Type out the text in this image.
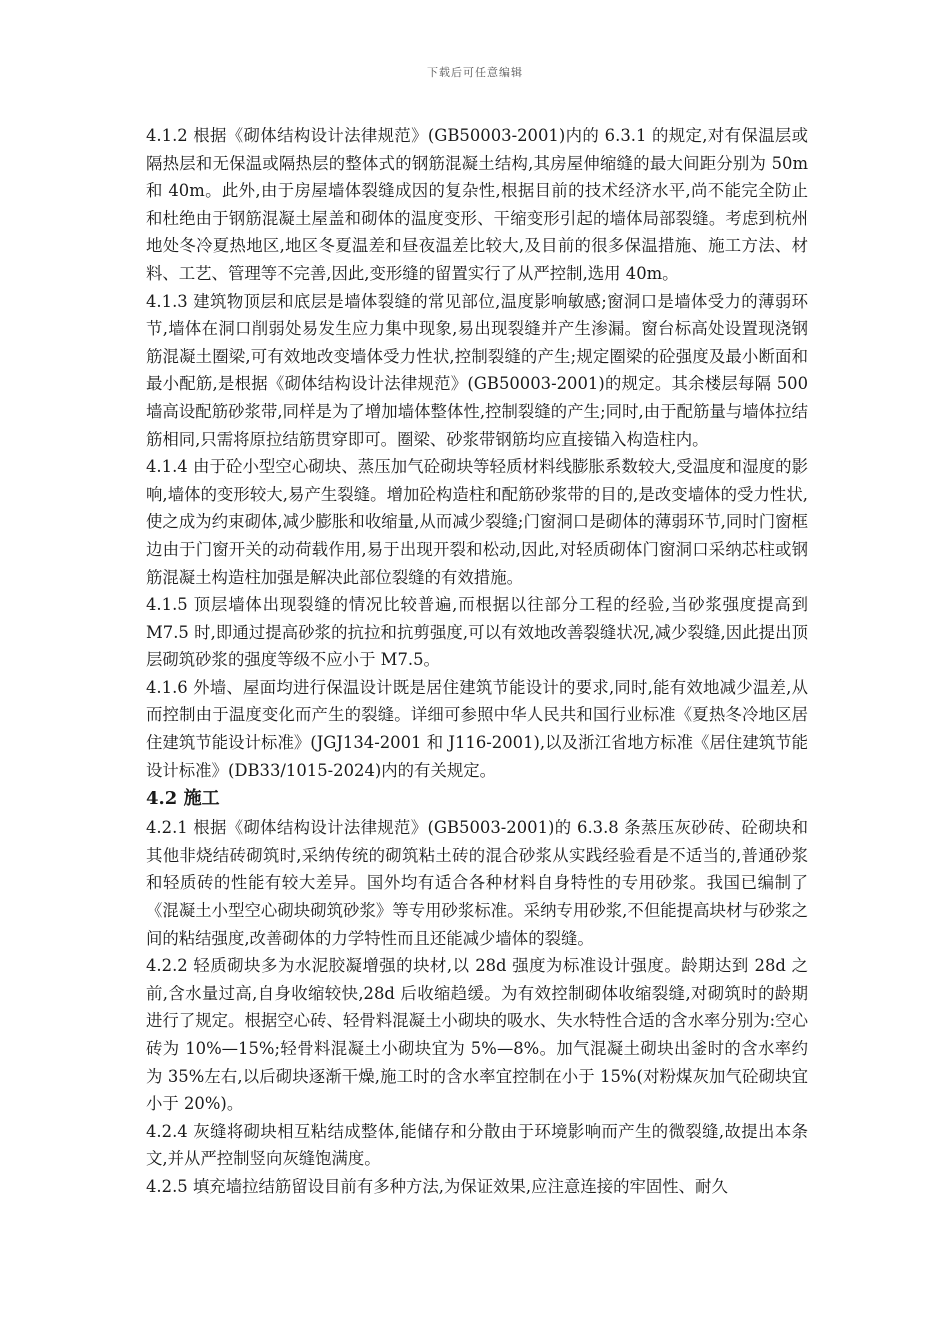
下载后可任意编辑

4.1.2 根据《砌体结构设计法律规范》(GB50003-2001)内的 6.3.1 的规定,对有保温层或隔热层和无保温或隔热层的整体式的钢筋混凝土结构,其房屋伸缩缝的最大间距分别为 50m 和 40m。此外,由于房屋墙体裂缝成因的复杂性,根据目前的技术经济水平,尚不能完全防止和杜绝由于钢筋混凝土屋盖和砌体的温度变形、干缩变形引起的墙体局部裂缝。考虑到杭州地处冬冷夏热地区,地区冬夏温差和昼夜温差比较大,及目前的很多保温措施、施工方法、材料、工艺、管理等不完善,因此,变形缝的留置实行了从严控制,选用 40m。

4.1.3 建筑物顶层和底层是墙体裂缝的常见部位,温度影响敏感;窗洞口是墙体受力的薄弱环节,墙体在洞口削弱处易发生应力集中现象,易出现裂缝并产生渗漏。窗台标高处设置现浇钢筋混凝土圈梁,可有效地改变墙体受力性状,控制裂缝的产生;规定圈梁的砼强度及最小断面和最小配筋,是根据《砌体结构设计法律规范》(GB50003-2001)的规定。其余楼层每隔 500 墙高设配筋砂浆带,同样是为了增加墙体整体性,控制裂缝的产生;同时,由于配筋量与墙体拉结筋相同,只需将原拉结筋贯穿即可。圈梁、砂浆带钢筋均应直接锚入构造柱内。

4.1.4 由于砼小型空心砌块、蒸压加气砼砌块等轻质材料线膨胀系数较大,受温度和湿度的影响,墙体的变形较大,易产生裂缝。增加砼构造柱和配筋砂浆带的目的,是改变墙体的受力性状,使之成为约束砌体,减少膨胀和收缩量,从而减少裂缝;门窗洞口是砌体的薄弱环节,同时门窗框边由于门窗开关的动荷载作用,易于出现开裂和松动,因此,对轻质砌体门窗洞口采纳芯柱或钢筋混凝土构造柱加强是解决此部位裂缝的有效措施。

4.1.5 顶层墙体出现裂缝的情况比较普遍,而根据以往部分工程的经验,当砂浆强度提高到 M7.5 时,即通过提高砂浆的抗拉和抗剪强度,可以有效地改善裂缝状况,减少裂缝,因此提出顶层砌筑砂浆的强度等级不应小于 M7.5。

4.1.6 外墙、屋面均进行保温设计既是居住建筑节能设计的要求,同时,能有效地减少温差,从而控制由于温度变化而产生的裂缝。详细可参照中华人民共和国行业标准《夏热冬冷地区居住建筑节能设计标准》(JGJ134-2001 和 J116-2001),以及浙江省地方标准《居住建筑节能设计标准》(DB33/1015-2024)内的有关规定。

4.2 施工

4.2.1 根据《砌体结构设计法律规范》(GB5003-2001)的 6.3.8 条蒸压灰砂砖、砼砌块和其他非烧结砖砌筑时,采纳传统的砌筑粘土砖的混合砂浆从实践经验看是不适当的,普通砂浆和轻质砖的性能有较大差异。国外均有适合各种材料自身特性的专用砂浆。我国已编制了《混凝土小型空心砌块砌筑砂浆》等专用砂浆标准。采纳专用砂浆,不但能提高块材与砂浆之间的粘结强度,改善砌体的力学特性而且还能减少墙体的裂缝。

4.2.2 轻质砌块多为水泥胶凝增强的块材,以 28d 强度为标准设计强度。龄期达到 28d 之前,含水量过高,自身收缩较快,28d 后收缩趋缓。为有效控制砌体收缩裂缝,对砌筑时的龄期进行了规定。根据空心砖、轻骨料混凝土小砌块的吸水、失水特性合适的含水率分别为:空心砖为 10%—15%;轻骨料混凝土小砌块宜为 5%—8%。加气混凝土砌块出釜时的含水率约为 35%左右,以后砌块逐渐干燥,施工时的含水率宜控制在小于 15%(对粉煤灰加气砼砌块宜小于 20%)。

4.2.4 灰缝将砌块相互粘结成整体,能储存和分散由于环境影响而产生的微裂缝,故提出本条文,并从严控制竖向灰缝饱满度。

4.2.5 填充墙拉结筋留设目前有多种方法,为保证效果,应注意连接的牢固性、耐久
